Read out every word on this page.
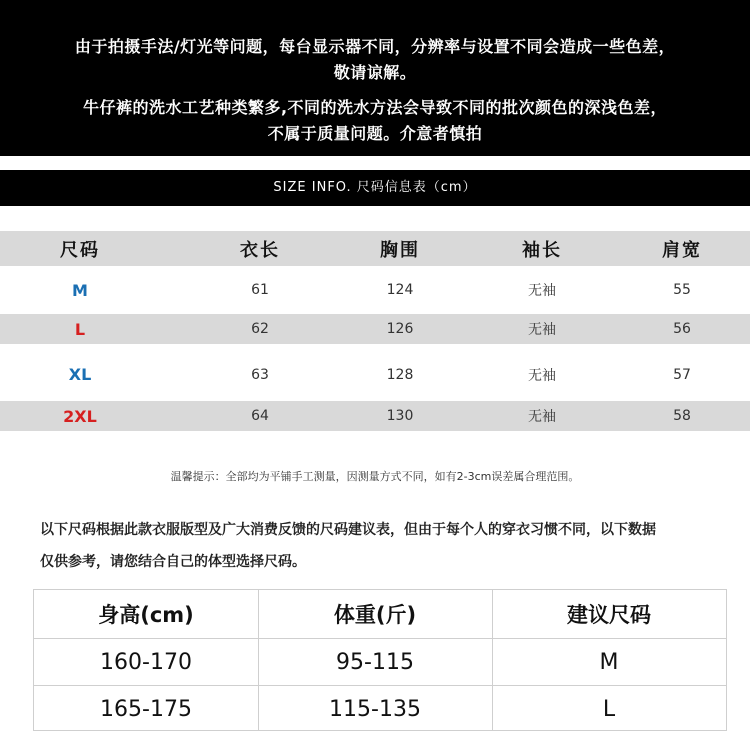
由于拍摄手法/灯光等问题，每台显示器不同，分辨率与设置不同会造成一些色差，
敬请谅解。
牛仔裤的洗水工艺种类繁多,不同的洗水方法会导致不同的批次颜色的深浅色差，
不属于质量问题。介意者慎拍
SIZE INFO. 尺码信息表（cm）
尺码	衣长	胸围	袖长	肩宽
M	61	124	无袖	55
L	62	126	无袖	56
XL	63	128	无袖	57
2XL	64	130	无袖	58
温馨提示：全部均为平铺手工测量，因测量方式不同，如有2-3cm误差属合理范围。
以下尺码根据此款衣服版型及广大消费反馈的尺码建议表，但由于每个人的穿衣习惯不同，以下数据
仅供参考，请您结合自己的体型选择尺码。
身高(cm)	体重(斤)	建议尺码
160-170	95-115	M
165-175	115-135	L
